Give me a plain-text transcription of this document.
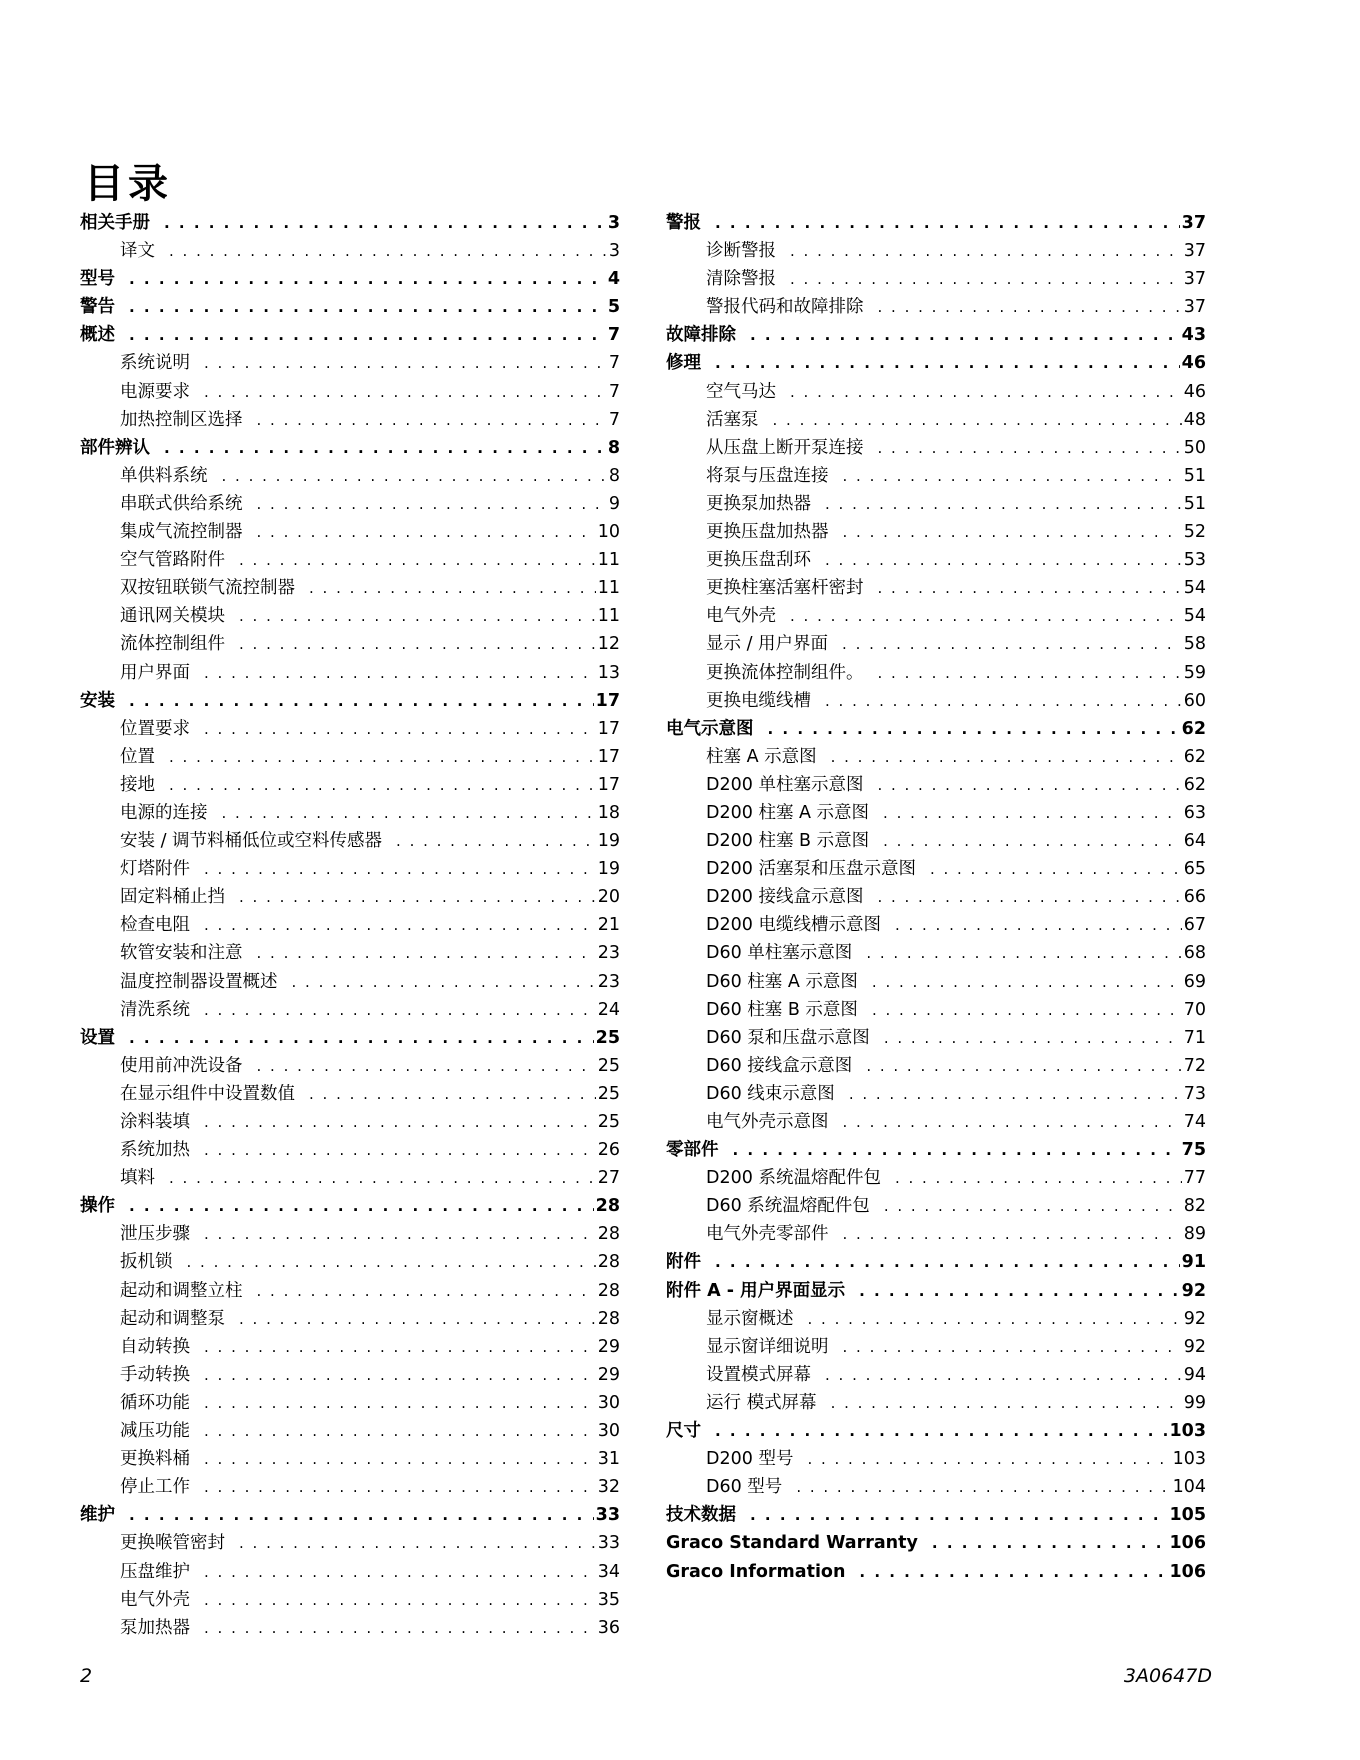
目录
相关手册 . . .	3
译文 . . .	3
型号 . . .	4
警告 . . .	5
概述 . . .	7
系统说明 . . .	7
电源要求 . . .	7
加热控制区选择 . . .	7
部件辨认 . . .	8
单供料系统 . . .	8
串联式供给系统 . . .	9
集成气流控制器 . . .	10
空气管路附件 . . .	11
双按钮联锁气流控制器 . . .	11
通讯网关模块 . . .	11
流体控制组件 . . .	12
用户界面 . . .	13
安装 . . .	17
位置要求 . . .	17
位置 . . .	17
接地 . . .	17
电源的连接 . . .	18
安装 / 调节料桶低位或空料传感器 . . .	19
灯塔附件 . . .	19
固定料桶止挡 . . .	20
检查电阻 . . .	21
软管安装和注意 . . .	23
温度控制器设置概述 . . .	23
清洗系统 . . .	24
设置 . . .	25
使用前冲洗设备 . . .	25
在显示组件中设置数值 . . .	25
涂料装填 . . .	25
系统加热 . . .	26
填料 . . .	27
操作 . . .	28
泄压步骤 . . .	28
扳机锁 . . .	28
起动和调整立柱 . . .	28
起动和调整泵 . . .	28
自动转换 . . .	29
手动转换 . . .	29
循环功能 . . .	30
减压功能 . . .	30
更换料桶 . . .	31
停止工作 . . .	32
维护 . . .	33
更换喉管密封 . . .	33
压盘维护 . . .	34
电气外壳 . . .	35
泵加热器 . . .	36
警报 . . .	37
诊断警报 . . .	37
清除警报 . . .	37
警报代码和故障排除 . . .	37
故障排除 . . .	43
修理 . . .	46
空气马达 . . .	46
活塞泵 . . .	48
从压盘上断开泵连接 . . .	50
将泵与压盘连接 . . .	51
更换泵加热器 . . .	51
更换压盘加热器 . . .	52
更换压盘刮环 . . .	53
更换柱塞活塞杆密封 . . .	54
电气外壳 . . .	54
显示 / 用户界面 . . .	58
更换流体控制组件。 . . .	59
更换电缆线槽 . . .	60
电气示意图 . . .	62
柱塞 A 示意图 . . .	62
D200 单柱塞示意图 . . .	62
D200 柱塞 A 示意图 . . .	63
D200 柱塞 B 示意图 . . .	64
D200 活塞泵和压盘示意图 . . .	65
D200 接线盒示意图 . . .	66
D200 电缆线槽示意图 . . .	67
D60 单柱塞示意图 . . .	68
D60 柱塞 A 示意图 . . .	69
D60 柱塞 B 示意图 . . .	70
D60 泵和压盘示意图 . . .	71
D60 接线盒示意图 . . .	72
D60 线束示意图 . . .	73
电气外壳示意图 . . .	74
零部件 . . .	75
D200 系统温熔配件包 . . .	77
D60 系统温熔配件包 . . .	82
电气外壳零部件 . . .	89
附件 . . .	91
附件 A - 用户界面显示 . . .	92
显示窗概述 . . .	92
显示窗详细说明 . . .	92
设置模式屏幕 . . .	94
运行 模式屏幕 . . .	99
尺寸 . . .	103
D200 型号 . . .	103
D60 型号 . . .	104
技术数据 . . .	105
Graco Standard Warranty . . .	106
Graco Information . . .	106
2	3A0647D
